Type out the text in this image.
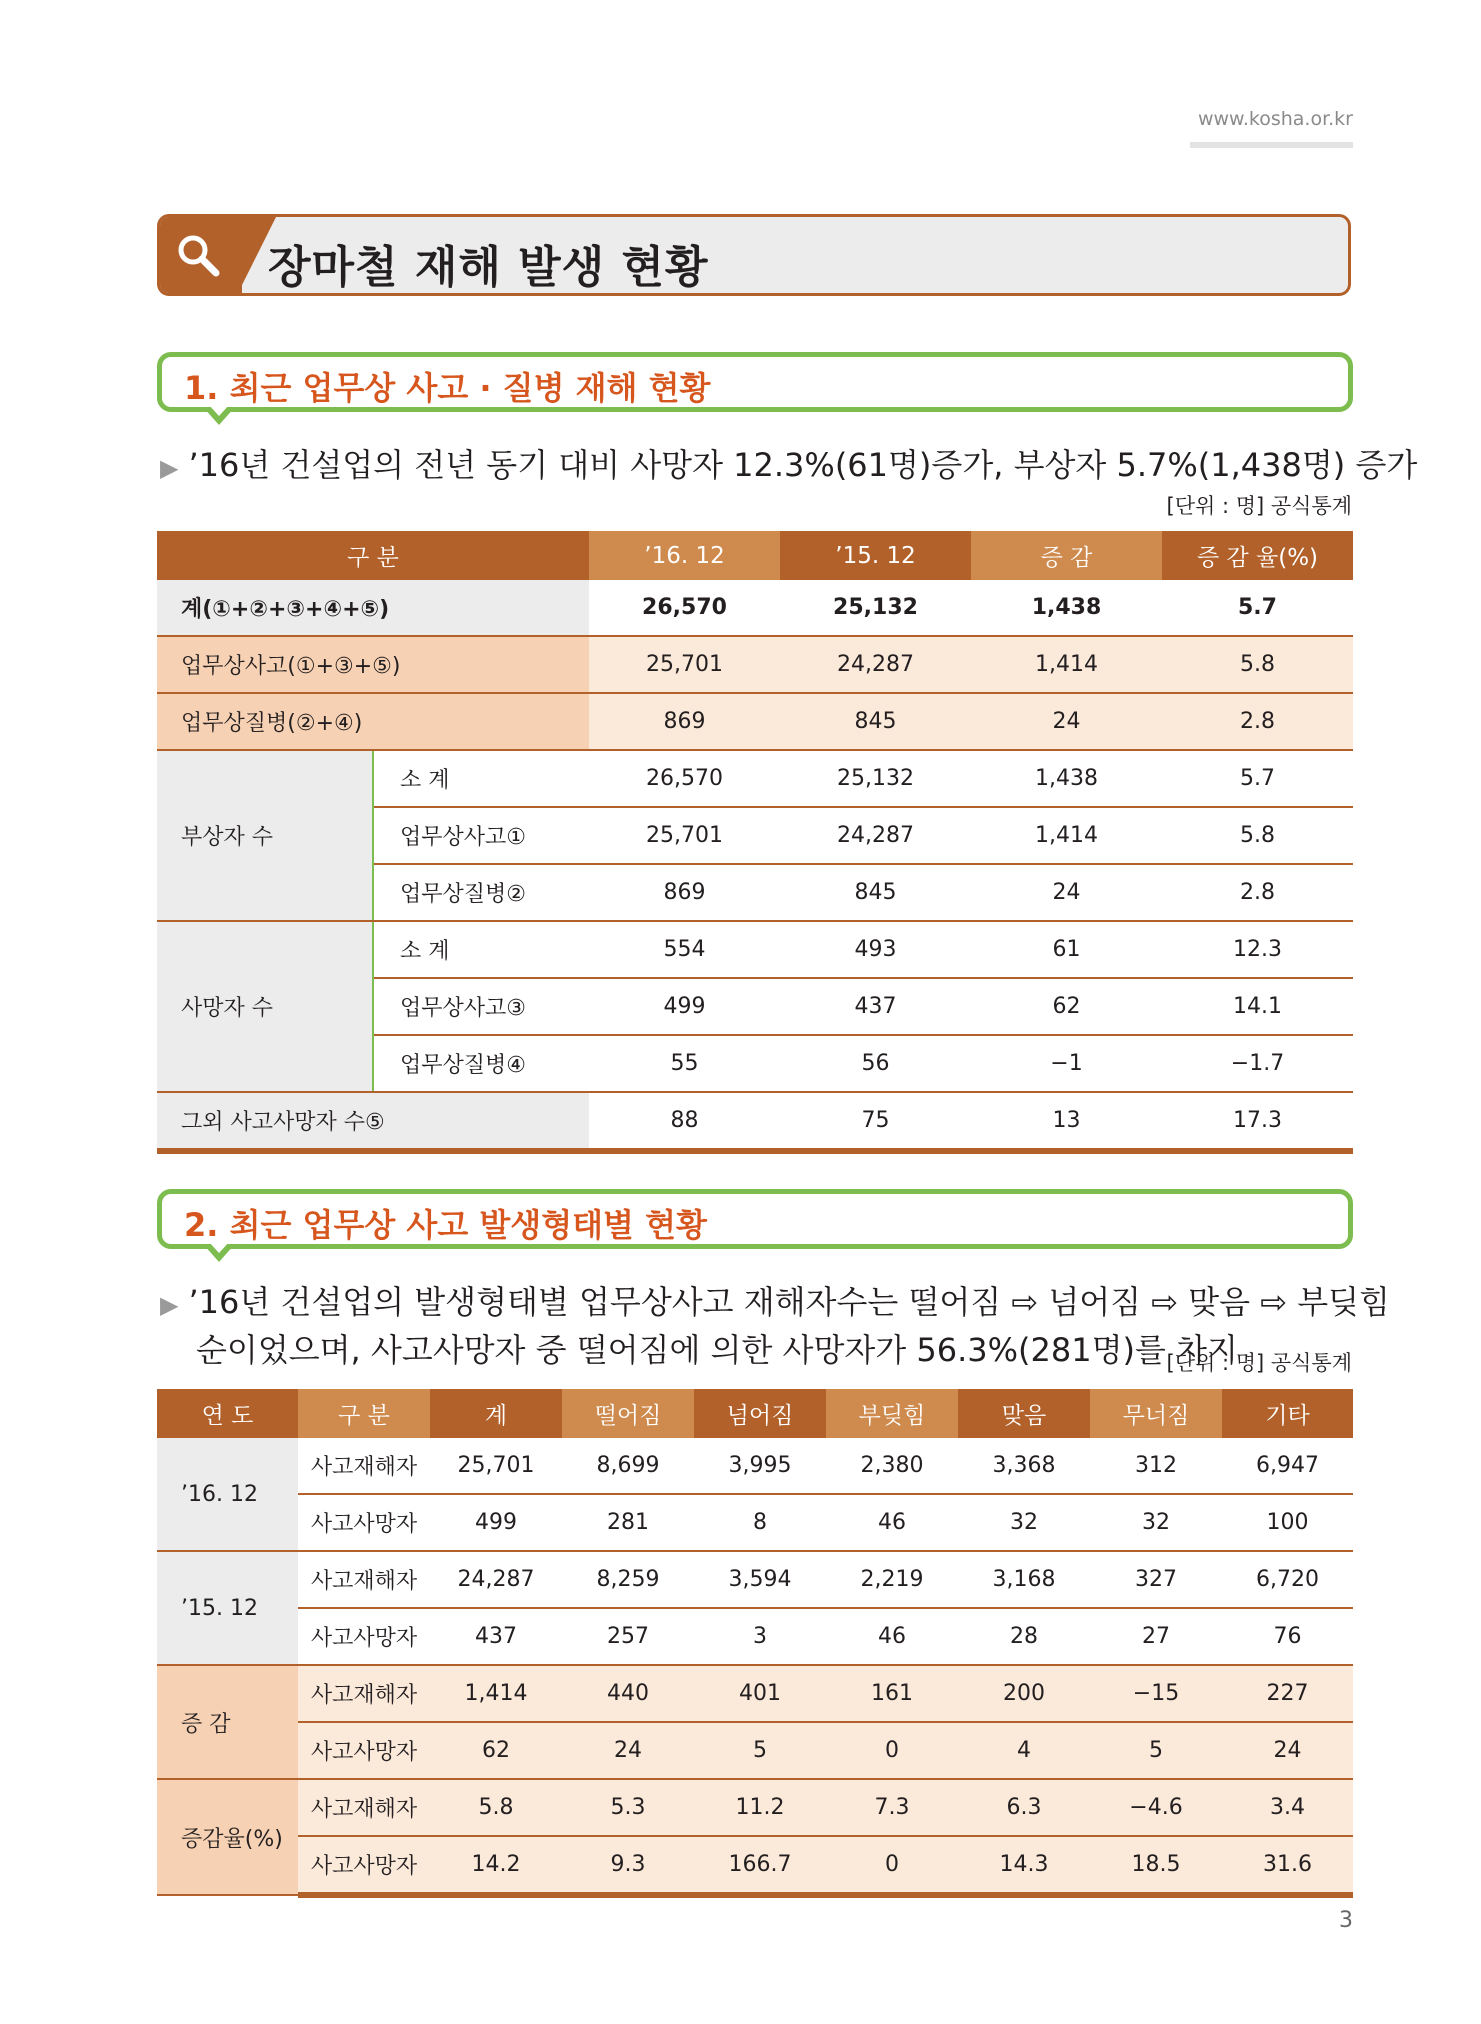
www.kosha.or.kr
장마철 재해 발생 현황
1. 최근 업무상 사고 · 질병 재해 현황
▶ ’16년 건설업의 전년 동기 대비 사망자 12.3%(61명)증가, 부상자 5.7%(1,438명) 증가
[단위 : 명] 공식통계
구 분		’16. 12	’15. 12	증 감	증 감 율(%)
계(①+②+③+④+⑤)		26,570	25,132	1,438	5.7
업무상사고(①+③+⑤)		25,701	24,287	1,414	5.8
업무상질병(②+④)		869	845	24	2.8
부상자 수	소 계	26,570	25,132	1,438	5.7
	업무상사고①	25,701	24,287	1,414	5.8
	업무상질병②	869	845	24	2.8
사망자 수	소 계	554	493	61	12.3
	업무상사고③	499	437	62	14.1
	업무상질병④	55	56	−1	−1.7
그외 사고사망자 수⑤		88	75	13	17.3
2. 최근 업무상 사고 발생형태별 현황
▶ ’16년 건설업의 발생형태별 업무상사고 재해자수는 떨어짐 ⇨ 넘어짐 ⇨ 맞음 ⇨ 부딪힘
순이었으며, 사고사망자 중 떨어짐에 의한 사망자가 56.3%(281명)를 차지
[단위 : 명] 공식통계
연 도	구 분	계	떨어짐	넘어짐	부딪힘	맞음	무너짐	기타
’16. 12	사고재해자	25,701	8,699	3,995	2,380	3,368	312	6,947
	사고사망자	499	281	8	46	32	32	100
’15. 12	사고재해자	24,287	8,259	3,594	2,219	3,168	327	6,720
	사고사망자	437	257	3	46	28	27	76
증 감	사고재해자	1,414	440	401	161	200	−15	227
	사고사망자	62	24	5	0	4	5	24
증감율(%)	사고재해자	5.8	5.3	11.2	7.3	6.3	−4.6	3.4
	사고사망자	14.2	9.3	166.7	0	14.3	18.5	31.6
3
